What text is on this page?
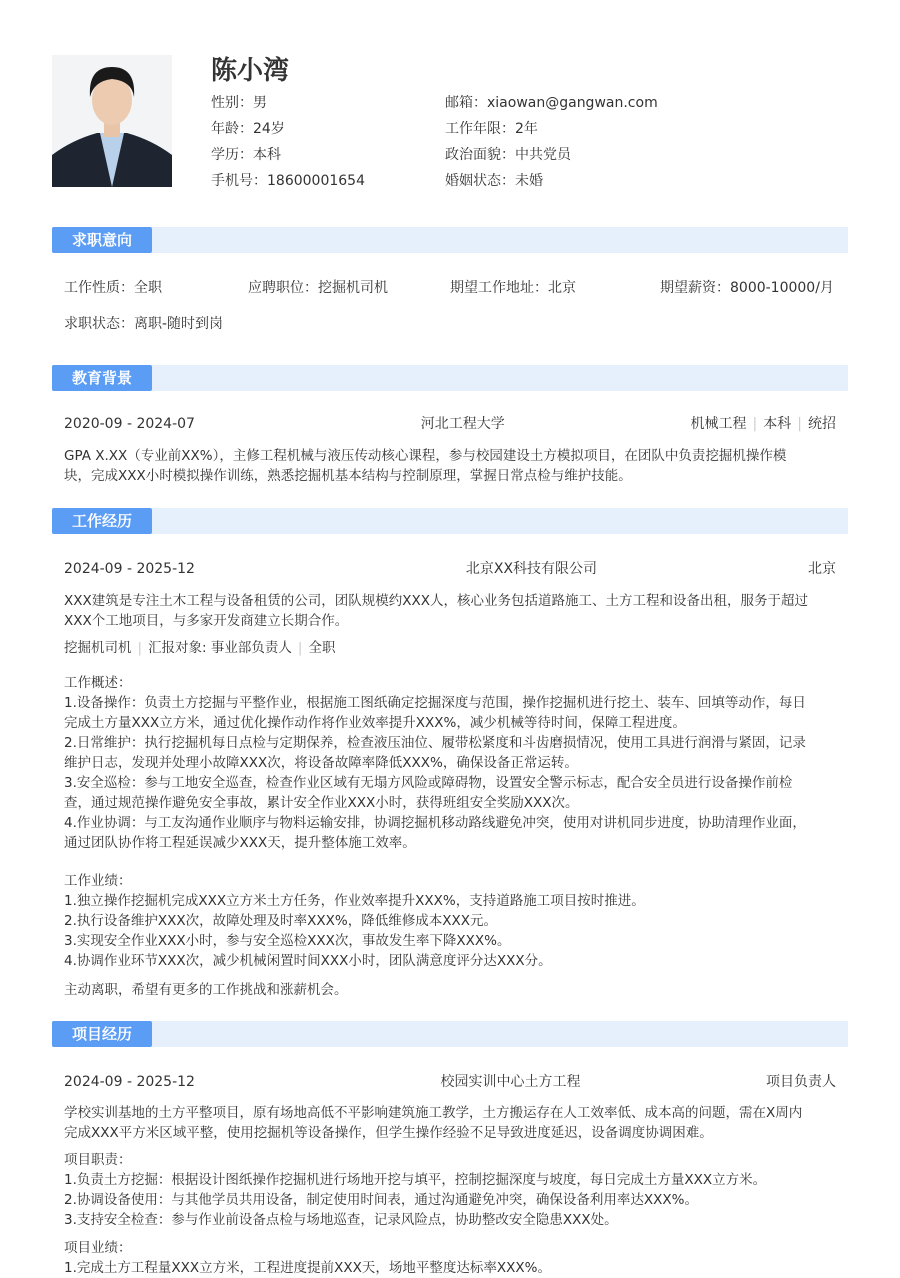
陈小湾
性别：男
年龄：24岁
学历：本科
手机号：18600001654
邮箱：xiaowan@gangwan.com
工作年限：2年
政治面貌：中共党员
婚姻状态：未婚
求职意向
工作性质：全职	应聘职位：挖掘机司机	期望工作地址：北京	期望薪资：8000-10000/月
求职状态：离职-随时到岗
教育背景
2020-09 - 2024-07	河北工程大学	机械工程 | 本科 | 统招
GPA X.XX（专业前XX%），主修工程机械与液压传动核心课程，参与校园建设土方模拟项目，在团队中负责挖掘机操作模
块，完成XXX小时模拟操作训练，熟悉挖掘机基本结构与控制原理，掌握日常点检与维护技能。
工作经历
2024-09 - 2025-12	北京XX科技有限公司	北京
XXX建筑是专注土木工程与设备租赁的公司，团队规模约XXX人，核心业务包括道路施工、土方工程和设备出租，服务于超过
XXX个工地项目，与多家开发商建立长期合作。
挖掘机司机 | 汇报对象: 事业部负责人 | 全职
工作概述：
1.设备操作：负责土方挖掘与平整作业，根据施工图纸确定挖掘深度与范围，操作挖掘机进行挖土、装车、回填等动作，每日
完成土方量XXX立方米，通过优化操作动作将作业效率提升XXX%，减少机械等待时间，保障工程进度。
2.日常维护：执行挖掘机每日点检与定期保养，检查液压油位、履带松紧度和斗齿磨损情况，使用工具进行润滑与紧固，记录
维护日志，发现并处理小故障XXX次，将设备故障率降低XXX%，确保设备正常运转。
3.安全巡检：参与工地安全巡查，检查作业区域有无塌方风险或障碍物，设置安全警示标志，配合安全员进行设备操作前检
查，通过规范操作避免安全事故，累计安全作业XXX小时，获得班组安全奖励XXX次。
4.作业协调：与工友沟通作业顺序与物料运输安排，协调挖掘机移动路线避免冲突，使用对讲机同步进度，协助清理作业面，
通过团队协作将工程延误减少XXX天，提升整体施工效率。
工作业绩：
1.独立操作挖掘机完成XXX立方米土方任务，作业效率提升XXX%，支持道路施工项目按时推进。
2.执行设备维护XXX次，故障处理及时率XXX%，降低维修成本XXX元。
3.实现安全作业XXX小时，参与安全巡检XXX次，事故发生率下降XXX%。
4.协调作业环节XXX次，减少机械闲置时间XXX小时，团队满意度评分达XXX分。
主动离职，希望有更多的工作挑战和涨薪机会。
项目经历
2024-09 - 2025-12	校园实训中心土方工程	项目负责人
学校实训基地的土方平整项目，原有场地高低不平影响建筑施工教学，土方搬运存在人工效率低、成本高的问题，需在X周内
完成XXX平方米区域平整，使用挖掘机等设备操作，但学生操作经验不足导致进度延迟，设备调度协调困难。
项目职责：
1.负责土方挖掘：根据设计图纸操作挖掘机进行场地开挖与填平，控制挖掘深度与坡度，每日完成土方量XXX立方米。
2.协调设备使用：与其他学员共用设备，制定使用时间表，通过沟通避免冲突，确保设备利用率达XXX%。
3.支持安全检查：参与作业前设备点检与场地巡查，记录风险点，协助整改安全隐患XXX处。
项目业绩：
1.完成土方工程量XXX立方米，工程进度提前XXX天，场地平整度达标率XXX%。
